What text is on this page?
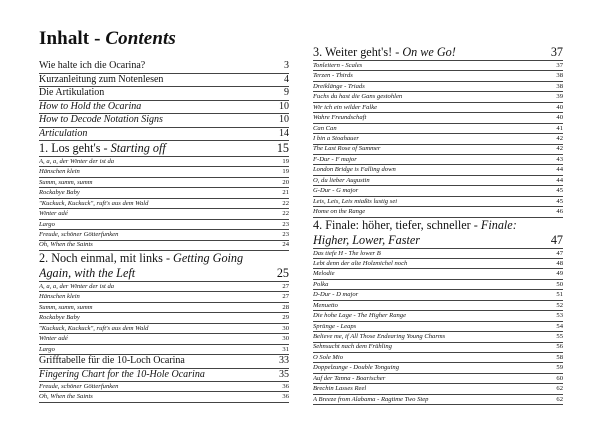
Inhalt - Contents
Wie halte ich die Ocarina?	3
Kurzanleitung zum Notenlesen	4
Die Artikulation	9
How to Hold the Ocarina	10
How to Decode Notation Signs	10
Articulation	14
1. Los geht's - Starting off	15
A, a, a, der Winter der ist da	19
Hänschen klein	19
Summ, summ, summ	20
Rockabye Baby	21
"Kuckuck, Kuckuck", ruft's aus dem Wald	22
Winter adé	22
Largo	23
Freude, schöner Götterfunken	23
Oh, When the Saints	24
2. Noch einmal, mit links - Getting Going Again, with the Left	25
A, a, a, der Winter der ist da	27
Hänschen klein	27
Summ, summ, summ	28
Rockabye Baby	29
"Kuckuck, Kuckuck", ruft's aus dem Wald	30
Winter adé	30
Largo	31
Grifftabelle für die 10-Loch Ocarina	33
Fingering Chart for the 10-Hole Ocarina	35
Freude, schöner Götterfunken	36
Oh, When the Saints	36
3. Weiter geht's! - On we Go!	37
Tonleitern - Scales	37
Terzen - Thirds	38
Dreiklänge - Triads	38
Fuchs du hast die Gans gestohlen	39
Wir ich ein wilder Falke	40
Wahre Freundschaft	40
Can Can	41
I bin a Stoahauer	42
The Last Rose of Summer	42
F-Dur - F major	43
London Bridge is Falling down	44
O, du lieber Augustin	44
G-Dur - G major	45
Leis, Leis, Leis miaßts lustig sei	45
Home on the Range	46
4. Finale: höher, tiefer, schneller - Finale: Higher, Lower, Faster	47
Das tiefe H - The lower B	47
Lebt denn der alte Holzmichel noch	48
Melodie	49
Polka	50
D-Dur - D major	51
Menuetto	52
Die hohe Lage - The Higher Range	53
Sprünge - Leaps	54
Believe me, if All Those Endearing Young Charms	55
Sehnsucht nach dem Frühling	56
O Sole Mio	58
Doppelzunge - Double Tonguing	59
Auf der Tanna - Boarischer	60
Brechin Lasses Reel	62
A Breeze from Alabama - Ragtime Two Step	62
